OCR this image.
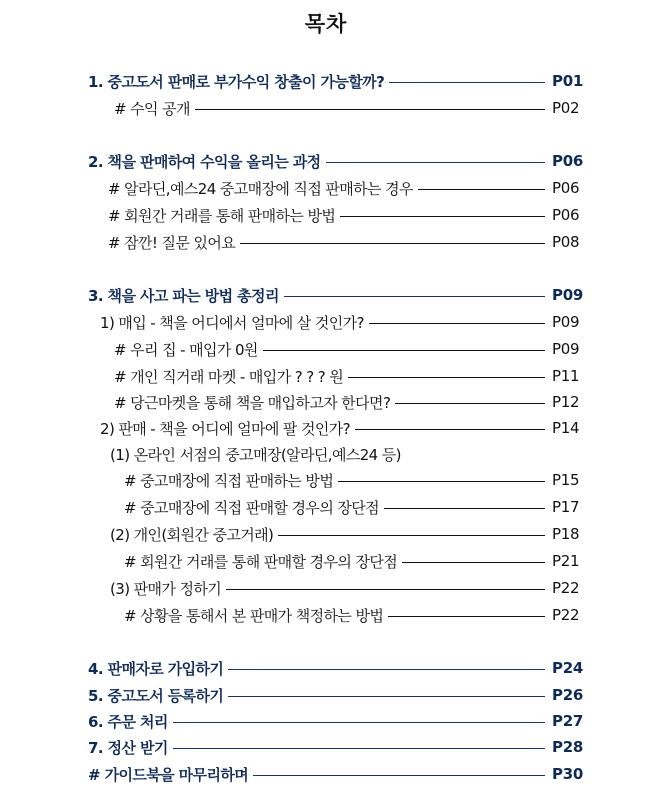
목차
1. 중고도서 판매로 부가수익 창출이 가능할까?	P01
# 수익 공개	P02
2. 책을 판매하여 수익을 올리는 과정	P06
# 알라딘,예스24 중고매장에 직접 판매하는 경우	P06
# 회원간 거래를 통해 판매하는 방법	P06
# 잠깐! 질문 있어요	P08
3. 책을 사고 파는 방법 총정리	P09
1) 매입 - 책을 어디에서 얼마에 살 것인가?	P09
# 우리 집 - 매입가 0원	P09
# 개인 직거래 마켓 - 매입가 ? ? ? 원	P11
# 당근마켓을 통해 책을 매입하고자 한다면?	P12
2) 판매 - 책을 어디에 얼마에 팔 것인가?	P14
(1) 온라인 서점의 중고매장(알라딘,예스24 등)
# 중고매장에 직접 판매하는 방법	P15
# 중고매장에 직접 판매할 경우의 장단점	P17
(2) 개인(회원간 중고거래)	P18
# 회원간 거래를 통해 판매할 경우의 장단점	P21
(3) 판매가 정하기	P22
# 상황을 통해서 본 판매가 책정하는 방법	P22
4. 판매자로 가입하기	P24
5. 중고도서 등록하기	P26
6. 주문 처리	P27
7. 정산 받기	P28
# 가이드북을 마무리하며	P30
